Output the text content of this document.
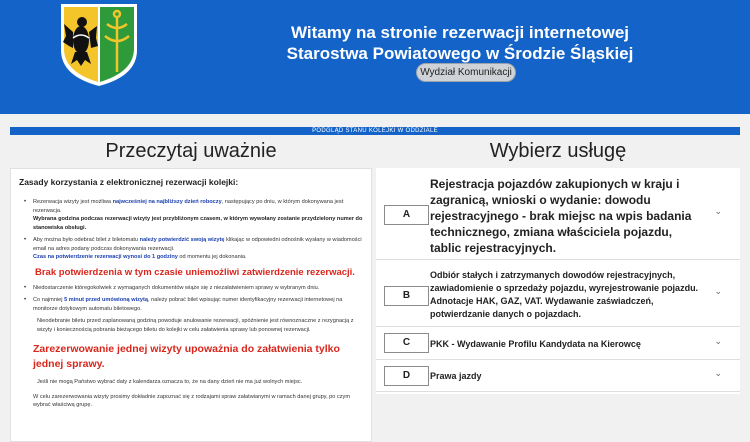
Witamy na stronie rezerwacji internetowej
Starostwa Powiatowego w Środzie Śląskiej
Wydział Komunikacji
PODGLĄD STANU KOLEJKI W ODDZIALE
Przeczytaj uważnie	Wybierz usługę
Zasady korzystania z elektronicznej rezerwacji kolejki:
• Rezerwacja wizyty jest możliwa najwcześniej na najbliższy dzień roboczy, następujący po dniu, w którym dokonywana jest rezerwacja.
Wybrana godzina podczas rezerwacji wizyty jest przybliżonym czasem, w którym wywołany zostanie przydzielony numer do stanowiska obsługi.
• Aby można było odebrać bilet z biletomatu należy potwierdzić swoją wizytę klikając w odpowiedni odnośnik wysłany w wiadomości email na adres podany podczas dokonywania rezerwacji.
Czas na potwierdzenie rezerwacji wynosi do 1 godziny od momentu jej dokonania.
Brak potwierdzenia w tym czasie uniemożliwi zatwierdzenie rezerwacji.
• Niedostarczenie któregokolwiek z wymaganych dokumentów wiąże się z niezałatwieniem sprawy w wybranym dniu.
• Co najmniej 5 minut przed umówioną wizytą, należy pobrać bilet wpisując numer identyfikacyjny rezerwacji internetowej na monitorze dotykowym automatu biletowego.
Nieodebranie biletu przed zaplanowaną godziną powoduje anulowanie rezerwacji, spóźnienie jest równoznaczne z rezygnacją z wizyty i koniecznością pobrania bieżącego biletu do kolejki w celu załatwienia sprawy lub ponownej rezerwacji.
Zarezerwowanie jednej wizyty upoważnia do załatwienia tylko jednej sprawy.
Jeśli nie mogą Państwo wybrać daty z kalendarza oznacza to, że na dany dzień nie ma już wolnych miejsc.
W celu zarezerwowania wizyty prosimy dokładnie zapoznać się z rodzajami spraw załatwianymi w ramach danej grupy, po czym wybrać właściwą grupę.
A
Rejestracja pojazdów zakupionych w kraju i zagranicą, wnioski o wydanie: dowodu rejestracyjnego - brak miejsc na wpis badania technicznego, zmiana właściciela pojazdu, tablic rejestracyjnych.
⌄
B
Odbiór stałych i zatrzymanych dowodów rejestracyjnych, zawiadomienie o sprzedaży pojazdu, wyrejestrowanie pojazdu. Adnotacje HAK, GAZ, VAT. Wydawanie zaświadczeń, potwierdzanie danych o pojazdach.
⌄
C	PKK - Wydawanie Profilu Kandydata na Kierowcę	⌄
D	Prawa jazdy	⌄
